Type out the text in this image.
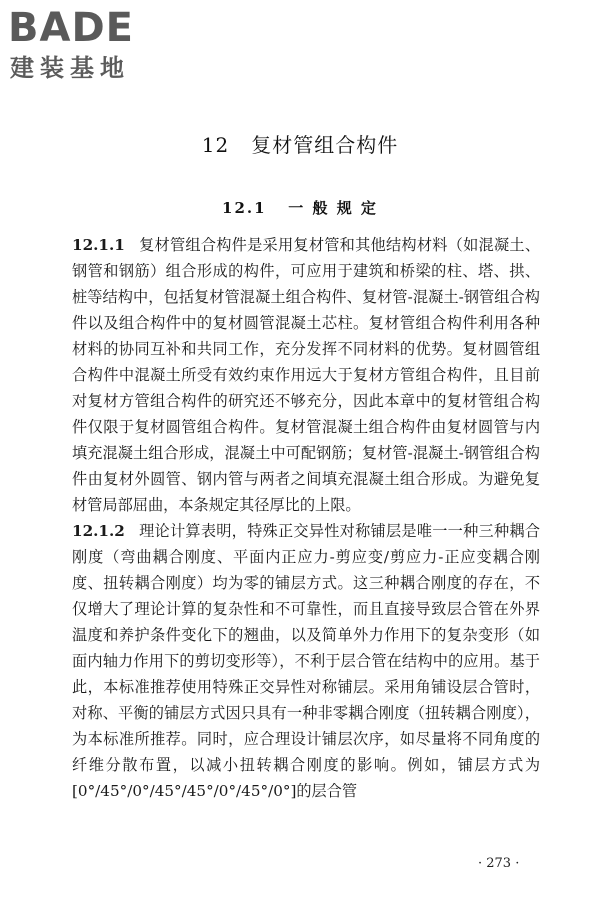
BADE
建装基地
12 复材管组合构件
12.1 一 般 规 定

12.1.1 复材管组合构件是采用复材管和其他结构材料（如混凝土、钢管和钢筋）组合形成的构件，可应用于建筑和桥梁的柱、塔、拱、桩等结构中，包括复材管混凝土组合构件、复材管-混凝土-钢管组合构件以及组合构件中的复材圆管混凝土芯柱。复材管组合构件利用各种材料的协同互补和共同工作，充分发挥不同材料的优势。复材圆管组合构件中混凝土所受有效约束作用远大于复材方管组合构件，且目前对复材方管组合构件的研究还不够充分，因此本章中的复材管组合构件仅限于复材圆管组合构件。复材管混凝土组合构件由复材圆管与内填充混凝土组合形成，混凝土中可配钢筋；复材管-混凝土-钢管组合构件由复材外圆管、钢内管与两者之间填充混凝土组合形成。为避免复材管局部屈曲，本条规定其径厚比的上限。

12.1.2 理论计算表明，特殊正交异性对称铺层是唯一一种三种耦合刚度（弯曲耦合刚度、平面内正应力-剪应变/剪应力-正应变耦合刚度、扭转耦合刚度）均为零的铺层方式。这三种耦合刚度的存在，不仅增大了理论计算的复杂性和不可靠性，而且直接导致层合管在外界温度和养护条件变化下的翘曲，以及简单外力作用下的复杂变形（如面内轴力作用下的剪切变形等），不利于层合管在结构中的应用。基于此，本标准推荐使用特殊正交异性对称铺层。采用角铺设层合管时，对称、平衡的铺层方式因只具有一种非零耦合刚度（扭转耦合刚度），为本标准所推荐。同时，应合理设计铺层次序，如尽量将不同角度的纤维分散布置，以减小扭转耦合刚度的影响。例如，铺层方式为[0°/45°/0°/45°/45°/0°/45°/0°]的层合管

· 273 ·
